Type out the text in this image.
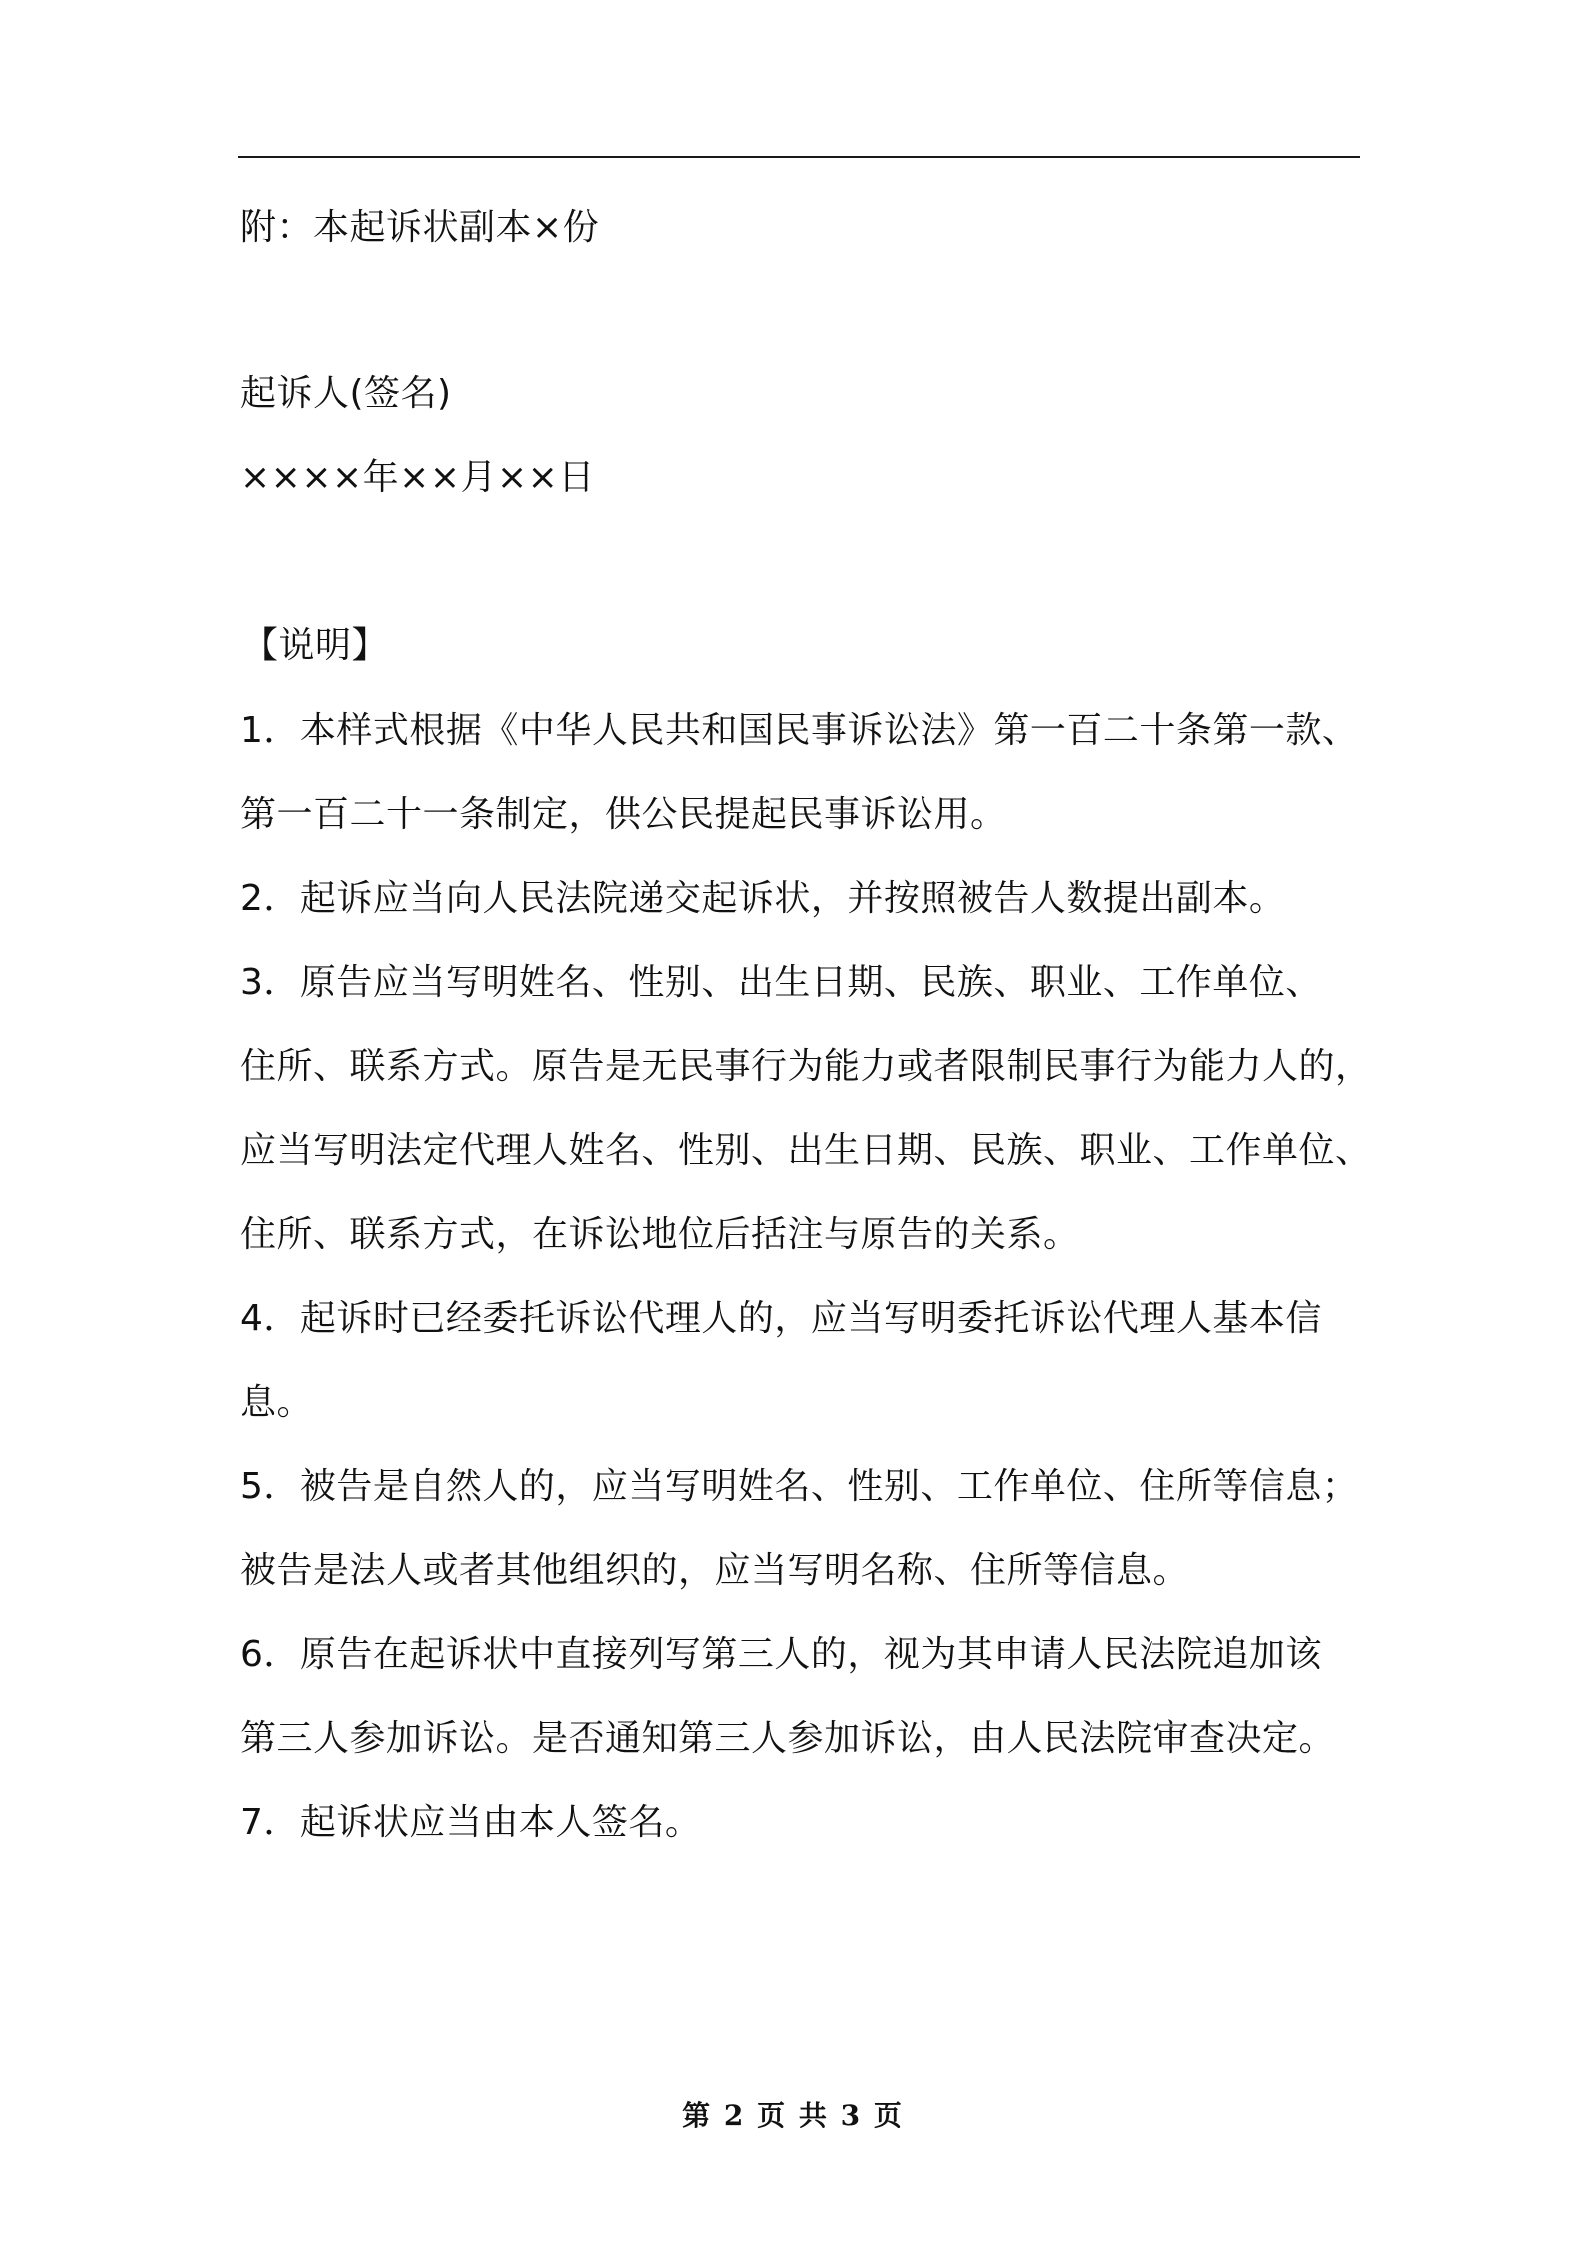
附：本起诉状副本×份
起诉人(签名)
××××年××月××日
【说明】
1．本样式根据《中华人民共和国民事诉讼法》第一百二十条第一款、
第一百二十一条制定，供公民提起民事诉讼用。
2．起诉应当向人民法院递交起诉状，并按照被告人数提出副本。
3．原告应当写明姓名、性别、出生日期、民族、职业、工作单位、
住所、联系方式。原告是无民事行为能力或者限制民事行为能力人的，
应当写明法定代理人姓名、性别、出生日期、民族、职业、工作单位、
住所、联系方式，在诉讼地位后括注与原告的关系。
4．起诉时已经委托诉讼代理人的，应当写明委托诉讼代理人基本信
息。
5．被告是自然人的，应当写明姓名、性别、工作单位、住所等信息；
被告是法人或者其他组织的，应当写明名称、住所等信息。
6．原告在起诉状中直接列写第三人的，视为其申请人民法院追加该
第三人参加诉讼。是否通知第三人参加诉讼，由人民法院审查决定。
7．起诉状应当由本人签名。
第 2 页 共 3 页
